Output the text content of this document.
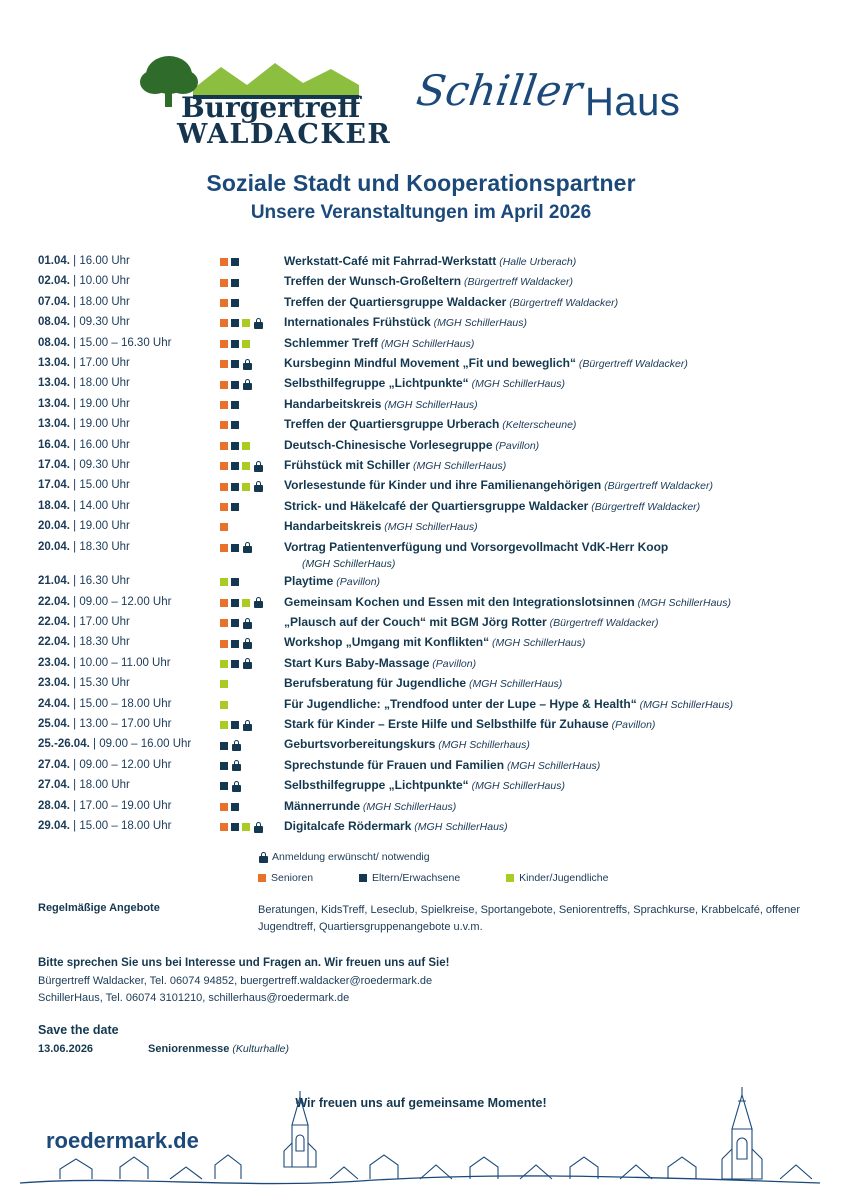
Bürgertreff
WALDACKER
Schiller Haus
Soziale Stadt und Kooperationspartner
Unsere Veranstaltungen im April 2026
01.04. | 16.00 Uhr	Werkstatt-Café mit Fahrrad-Werkstatt (Halle Urberach)
02.04. | 10.00 Uhr	Treffen der Wunsch-Großeltern (Bürgertreff Waldacker)
07.04. | 18.00 Uhr	Treffen der Quartiersgruppe Waldacker (Bürgertreff Waldacker)
08.04. | 09.30 Uhr	Internationales Frühstück (MGH SchillerHaus)
08.04. | 15.00 – 16.30 Uhr	Schlemmer Treff (MGH SchillerHaus)
13.04. | 17.00 Uhr	Kursbeginn Mindful Movement „Fit und beweglich“ (Bürgertreff Waldacker)
13.04. | 18.00 Uhr	Selbsthilfegruppe „Lichtpunkte“ (MGH SchillerHaus)
13.04. | 19.00 Uhr	Handarbeitskreis (MGH SchillerHaus)
13.04. | 19.00 Uhr	Treffen der Quartiersgruppe Urberach (Kelterscheune)
16.04. | 16.00 Uhr	Deutsch-Chinesische Vorlesegruppe (Pavillon)
17.04. | 09.30 Uhr	Frühstück mit Schiller (MGH SchillerHaus)
17.04. | 15.00 Uhr	Vorlesestunde für Kinder und ihre Familienangehörigen (Bürgertreff Waldacker)
18.04. | 14.00 Uhr	Strick- und Häkelcafé der Quartiersgruppe Waldacker (Bürgertreff Waldacker)
20.04. | 19.00 Uhr	Handarbeitskreis (MGH SchillerHaus)
20.04. | 18.30 Uhr	Vortrag Patientenverfügung und Vorsorgevollmacht VdK-Herr Koop
(MGH SchillerHaus)
21.04. | 16.30 Uhr	Playtime (Pavillon)
22.04. | 09.00 – 12.00 Uhr	Gemeinsam Kochen und Essen mit den Integrationslotsinnen (MGH SchillerHaus)
22.04. | 17.00 Uhr	„Plausch auf der Couch“ mit BGM Jörg Rotter (Bürgertreff Waldacker)
22.04. | 18.30 Uhr	Workshop „Umgang mit Konflikten“ (MGH SchillerHaus)
23.04. | 10.00 – 11.00 Uhr	Start Kurs Baby-Massage (Pavillon)
23.04. | 15.30 Uhr	Berufsberatung für Jugendliche (MGH SchillerHaus)
24.04. | 15.00 – 18.00 Uhr	Für Jugendliche: „Trendfood unter der Lupe – Hype & Health“ (MGH SchillerHaus)
25.04. | 13.00 – 17.00 Uhr	Stark für Kinder – Erste Hilfe und Selbsthilfe für Zuhause (Pavillon)
25.-26.04. | 09.00 – 16.00 Uhr	Geburtsvorbereitungskurs (MGH Schillerhaus)
27.04. | 09.00 – 12.00 Uhr	Sprechstunde für Frauen und Familien (MGH SchillerHaus)
27.04. | 18.00 Uhr	Selbsthilfegruppe „Lichtpunkte“ (MGH SchillerHaus)
28.04. | 17.00 – 19.00 Uhr	Männerrunde (MGH SchillerHaus)
29.04. | 15.00 – 18.00 Uhr	Digitalcafe Rödermark (MGH SchillerHaus)
Anmeldung erwünscht/ notwendig
Senioren	Eltern/Erwachsene	Kinder/Jugendliche
Regelmäßige Angebote	Beratungen, KidsTreff, Leseclub, Spielkreise, Sportangebote, Seniorentreffs, Sprachkurse, Krabbelcafé, offener Jugendtreff, Quartiersgruppenangebote u.v.m.
Bitte sprechen Sie uns bei Interesse und Fragen an. Wir freuen uns auf Sie!
Bürgertreff Waldacker, Tel. 06074 94852, buergertreff.waldacker@roedermark.de
SchillerHaus, Tel. 06074 3101210, schillerhaus@roedermark.de
Save the date
13.06.2026	Seniorenmesse (Kulturhalle)
Wir freuen uns auf gemeinsame Momente!
roedermark.de
